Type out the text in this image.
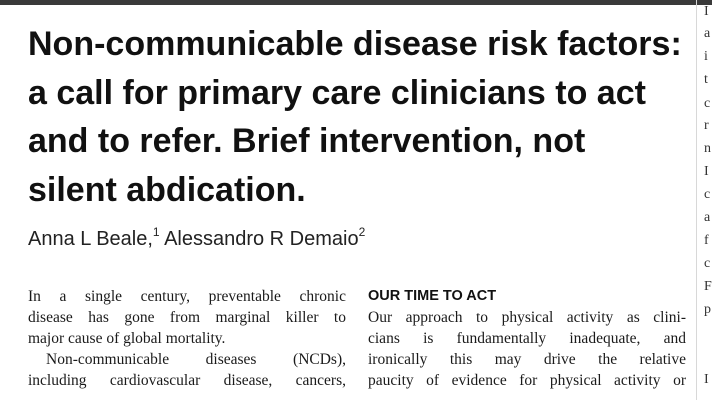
Non-communicable disease risk factors:
a call for primary care clinicians to act
and to refer. Brief intervention, not
silent abdication.

Anna L Beale,$^1$ Alessandro R Demaio$^2$

In a single century, preventable chronic
disease has gone from marginal killer to
major cause of global mortality.

Non-communicable diseases (NCDs),
including cardiovascular disease, cancers,

OUR TIME TO ACT

Our approach to physical activity as clini-
cians is fundamentally inadequate, and
ironically this may drive the relative
paucity of evidence for physical activity or

I
a
i
t
c
r
n
I
c
a
f
c
F
p
I
